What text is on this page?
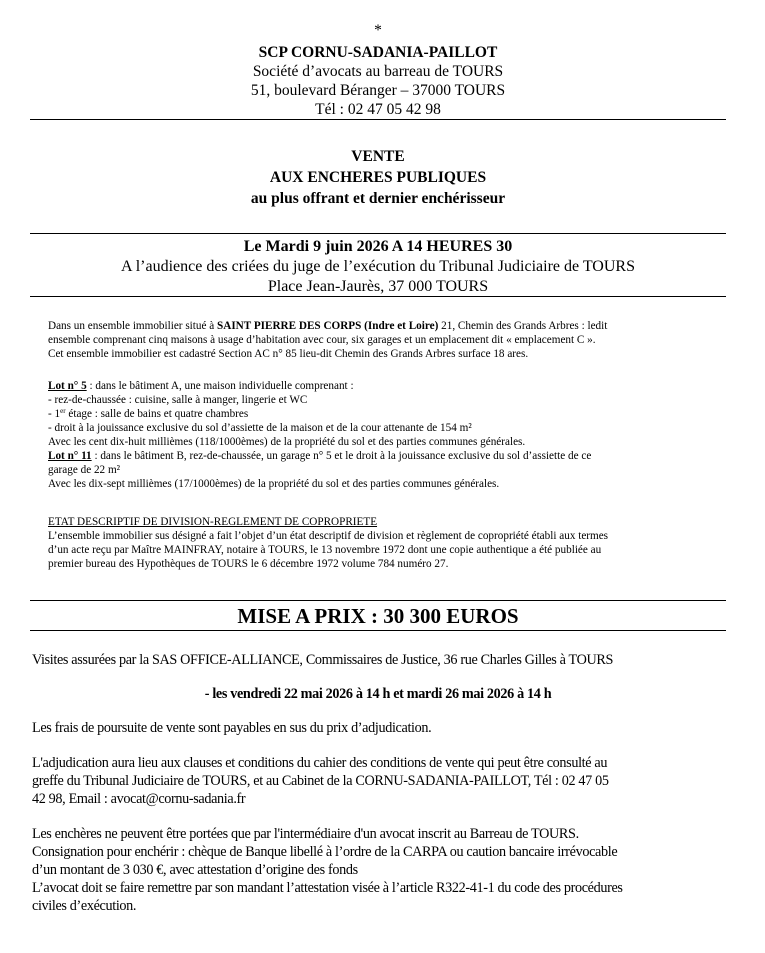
*
SCP CORNU-SADANIA-PAILLOT
Société d’avocats au barreau de TOURS
51, boulevard Béranger – 37000 TOURS
Tél : 02 47 05 42 98
VENTE
AUX ENCHERES PUBLIQUES
au plus offrant et dernier enchérisseur
Le Mardi 9 juin 2026 A 14 HEURES 30
A l’audience des criées du juge de l’exécution du Tribunal Judiciaire de TOURS
Place Jean-Jaurès, 37 000 TOURS
Dans un ensemble immobilier situé à SAINT PIERRE DES CORPS (Indre et Loire) 21, Chemin des Grands Arbres : ledit
ensemble comprenant cinq maisons à usage d’habitation avec cour, six garages et un emplacement dit « emplacement C ».
Cet ensemble immobilier est cadastré Section AC n° 85 lieu-dit Chemin des Grands Arbres surface 18 ares.
Lot n° 5 : dans le bâtiment A, une maison individuelle comprenant :
- rez-de-chaussée : cuisine, salle à manger, lingerie et WC
- 1er étage : salle de bains et quatre chambres
- droit à la jouissance exclusive du sol d’assiette de la maison et de la cour attenante de 154 m²
Avec les cent dix-huit millièmes (118/1000èmes) de la propriété du sol et des parties communes générales.
Lot n° 11 : dans le bâtiment B, rez-de-chaussée, un garage n° 5 et le droit à la jouissance exclusive du sol d’assiette de ce
garage de 22 m²
Avec les dix-sept millièmes (17/1000èmes) de la propriété du sol et des parties communes générales.
ETAT DESCRIPTIF DE DIVISION-REGLEMENT DE COPROPRIETE
L’ensemble immobilier sus désigné a fait l’objet d’un état descriptif de division et règlement de copropriété établi aux termes
d’un acte reçu par Maître MAINFRAY, notaire à TOURS, le 13 novembre 1972 dont une copie authentique a été publiée au
premier bureau des Hypothèques de TOURS le 6 décembre 1972 volume 784 numéro 27.
MISE A PRIX : 30 300 EUROS
Visites assurées par la SAS OFFICE-ALLIANCE, Commissaires de Justice, 36 rue Charles Gilles à TOURS
- les vendredi 22 mai 2026 à 14 h et mardi 26 mai 2026 à 14 h
Les frais de poursuite de vente sont payables en sus du prix d’adjudication.
L'adjudication aura lieu aux clauses et conditions du cahier des conditions de vente qui peut être consulté au
greffe du Tribunal Judiciaire de TOURS, et au Cabinet de la CORNU-SADANIA-PAILLOT, Tél : 02 47 05
42 98, Email : avocat@cornu-sadania.fr
Les enchères ne peuvent être portées que par l'intermédiaire d'un avocat inscrit au Barreau de TOURS.
Consignation pour enchérir : chèque de Banque libellé à l’ordre de la CARPA ou caution bancaire irrévocable
d’un montant de 3 030 €, avec attestation d’origine des fonds
L’avocat doit se faire remettre par son mandant l’attestation visée à l’article R322-41-1 du code des procédures
civiles d’exécution.
